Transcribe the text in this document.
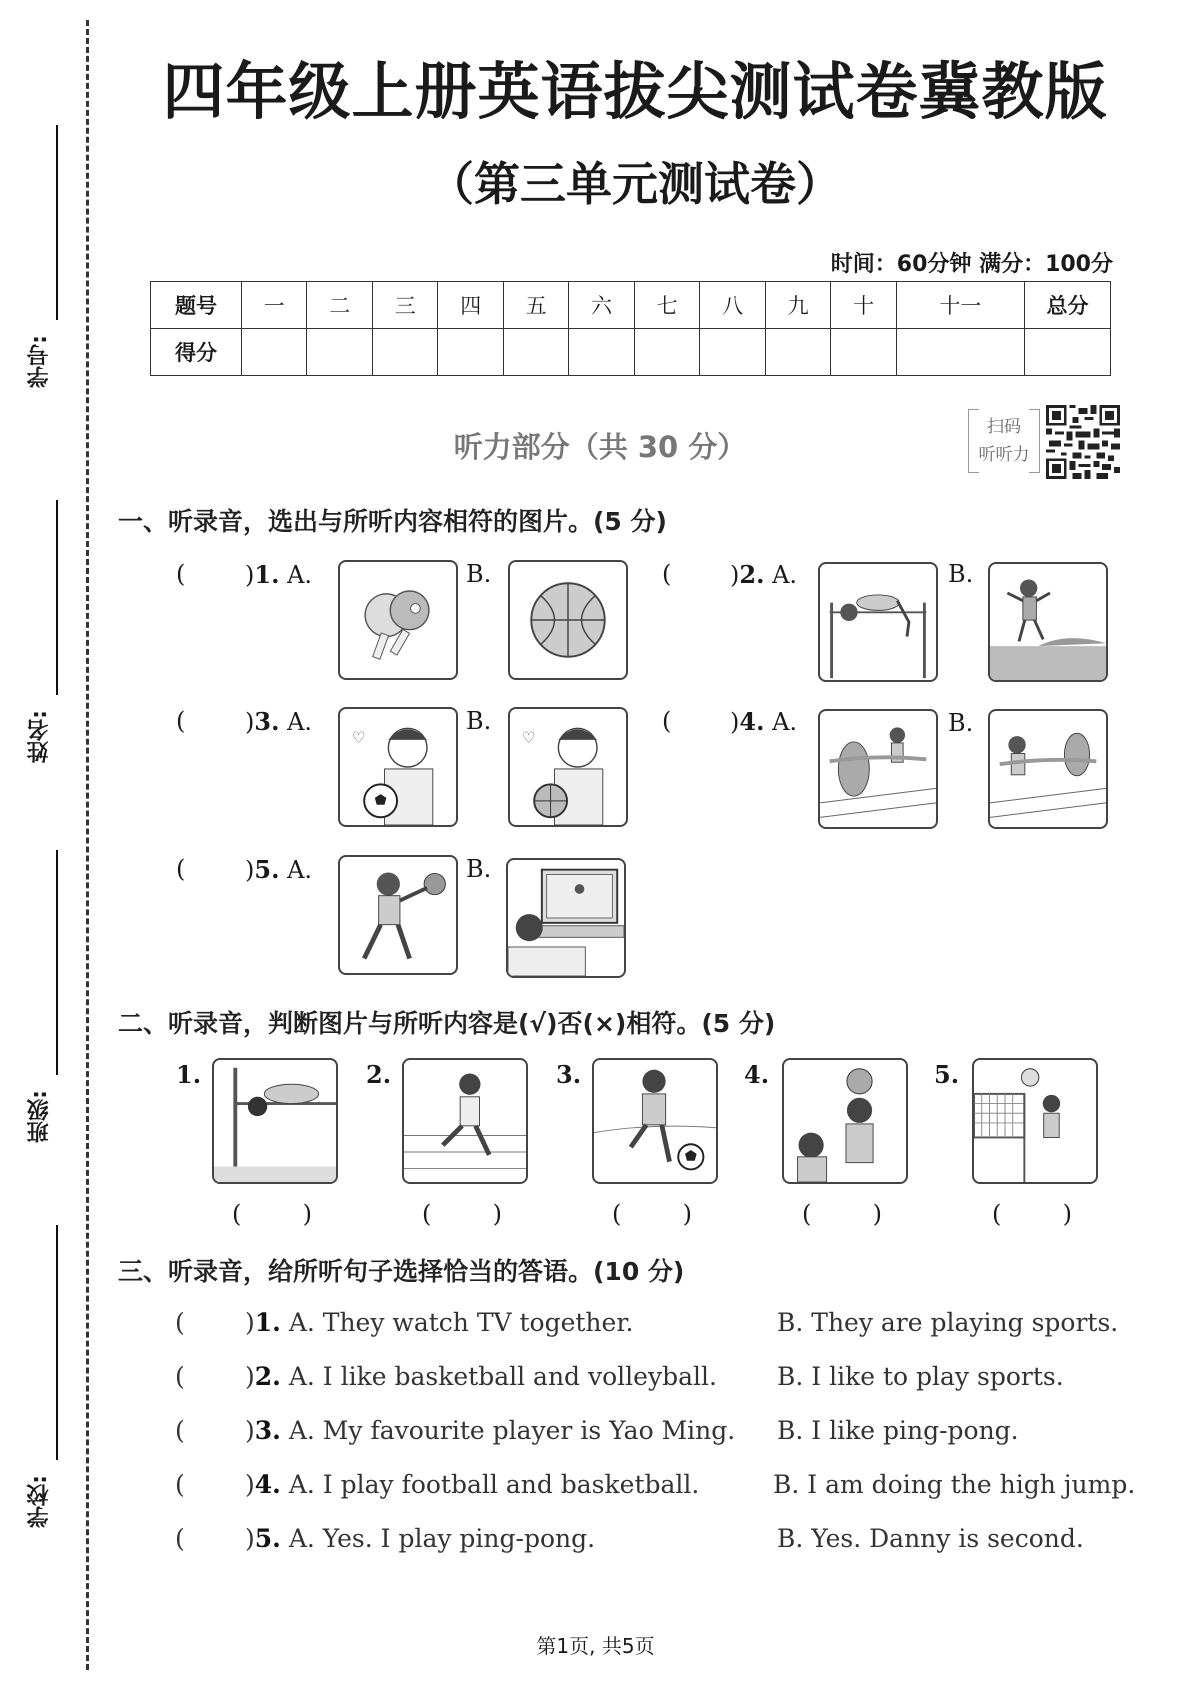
学号:
姓名:
班级:
学校:
四年级上册英语拔尖测试卷冀教版
（第三单元测试卷）
时间：60分钟 满分：100分
题号	一	二	三	四	五	六	七	八	九	十	十一	总分
得分												
听力部分（共 30 分）
扫码
听听力
一、听录音，选出与所听内容相符的图片。(5 分)
( )1. A.	B.	( )2. A.	B.
( )3. A.
♡
B.
♡
( )4. A.	B.
( )5. A.	B.
二、听录音，判断图片与所听内容是(√)否(×)相符。(5 分)
1.
(	)
2.
(	)
3.
(	)
4.
(	)
5.
(	)
三、听录音，给所听句子选择恰当的答语。(10 分)
( )1. A. They watch TV together.	B. They are playing sports.
( )2. A. I like basketball and volleyball. B. I like to play sports.
( )3. A. My favourite player is Yao Ming. B. I like ping-pong.
( )4. A. I play football and basketball.	B. I am doing the high jump.
( )5. A. Yes. I play ping-pong.	B. Yes. Danny is second.
第1页, 共5页
